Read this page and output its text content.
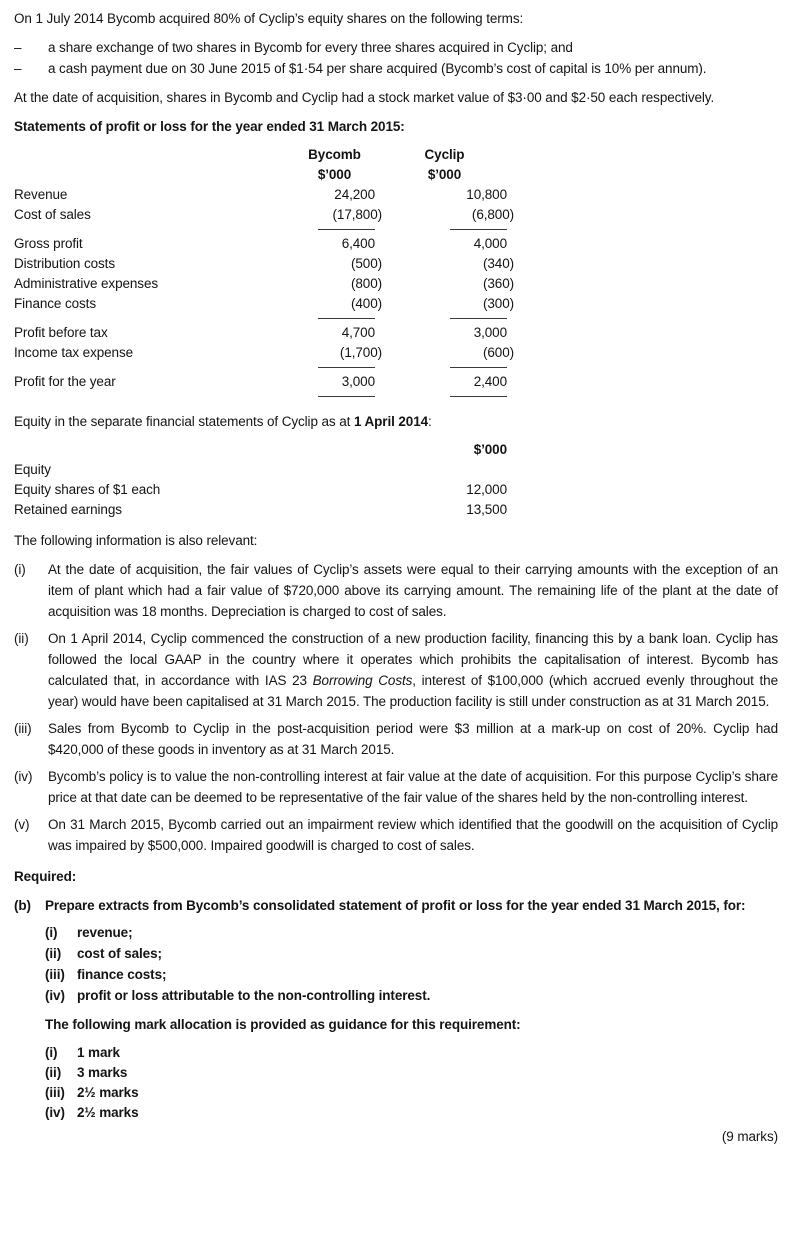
On 1 July 2014 Bycomb acquired 80% of Cyclip’s equity shares on the following terms:

–	a share exchange of two shares in Bycomb for every three shares acquired in Cyclip; and
–	a cash payment due on 30 June 2015 of $1·54 per share acquired (Bycomb’s cost of capital is 10% per annum).

At the date of acquisition, shares in Bycomb and Cyclip had a stock market value of $3·00 and $2·50 each respectively.

Statements of profit or loss for the year ended 31 March 2015:

Bycomb	Cyclip
$’000	$’000
Revenue	24,200	10,800
Cost of sales	(17,800)	(6,800)
Gross profit	6,400	4,000
Distribution costs	(500)	(340)
Administrative expenses	(800)	(360)
Finance costs	(400)	(300)
Profit before tax	4,700	3,000
Income tax expense	(1,700)	(600)
Profit for the year	3,000	2,400

Equity in the separate financial statements of Cyclip as at 1 April 2014:

$’000
Equity
Equity shares of $1 each	12,000
Retained earnings	13,500

The following information is also relevant:

(i)	At the date of acquisition, the fair values of Cyclip’s assets were equal to their carrying amounts with the exception of an item of plant which had a fair value of $720,000 above its carrying amount. The remaining life of the plant at the date of acquisition was 18 months. Depreciation is charged to cost of sales.
(ii)	On 1 April 2014, Cyclip commenced the construction of a new production facility, financing this by a bank loan. Cyclip has followed the local GAAP in the country where it operates which prohibits the capitalisation of interest. Bycomb has calculated that, in accordance with IAS 23 Borrowing Costs, interest of $100,000 (which accrued evenly throughout the year) would have been capitalised at 31 March 2015. The production facility is still under construction as at 31 March 2015.
(iii)	Sales from Bycomb to Cyclip in the post-acquisition period were $3 million at a mark-up on cost of 20%. Cyclip had $420,000 of these goods in inventory as at 31 March 2015.
(iv)	Bycomb’s policy is to value the non-controlling interest at fair value at the date of acquisition. For this purpose Cyclip’s share price at that date can be deemed to be representative of the fair value of the shares held by the non-controlling interest.
(v)	On 31 March 2015, Bycomb carried out an impairment review which identified that the goodwill on the acquisition of Cyclip was impaired by $500,000. Impaired goodwill is charged to cost of sales.
Required:
(b)	Prepare extracts from Bycomb’s consolidated statement of profit or loss for the year ended 31 March 2015, for:
(i)	revenue;
(ii)	cost of sales;
(iii) finance costs;
(iv) profit or loss attributable to the non-controlling interest.
The following mark allocation is provided as guidance for this requirement:
(i)	1 mark
(ii)	3 marks
(iii) 2½ marks
(iv) 2½ marks
(9 marks)
